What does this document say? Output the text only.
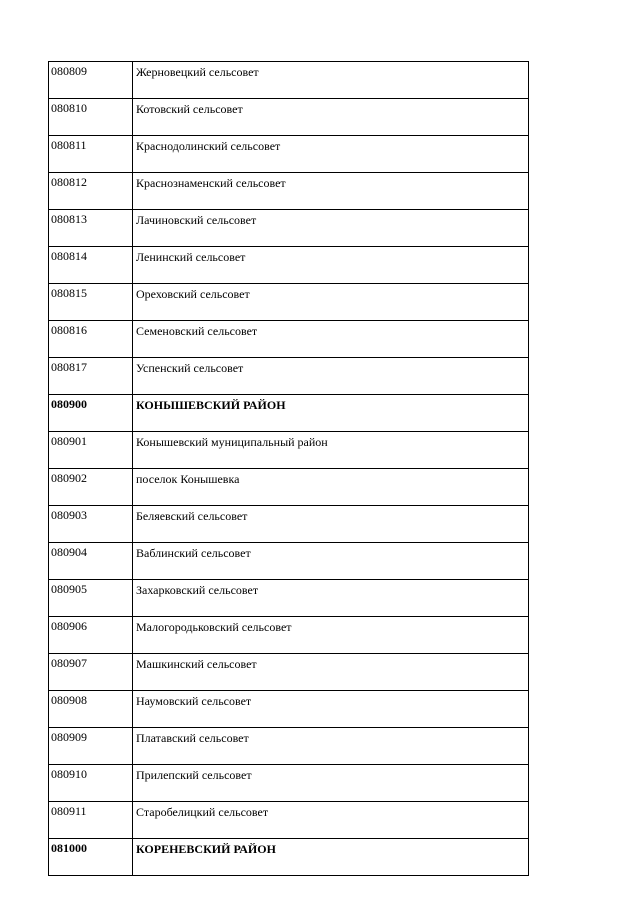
080809	Жерновецкий сельсовет
080810	Котовский сельсовет
080811	Краснодолинский сельсовет
080812	Краснознаменский сельсовет
080813	Лачиновский сельсовет
080814	Ленинский сельсовет
080815	Ореховский сельсовет
080816	Семеновский сельсовет
080817	Успенский сельсовет
080900	КОНЫШЕВСКИЙ РАЙОН
080901	Конышевский муниципальный район
080902	поселок Конышевка
080903	Беляевский сельсовет
080904	Ваблинский сельсовет
080905	Захарковский сельсовет
080906	Малогородьковский сельсовет
080907	Машкинский сельсовет
080908	Наумовский сельсовет
080909	Платавский сельсовет
080910	Прилепский сельсовет
080911	Старобелицкий сельсовет
081000	КОРЕНЕВСКИЙ РАЙОН
